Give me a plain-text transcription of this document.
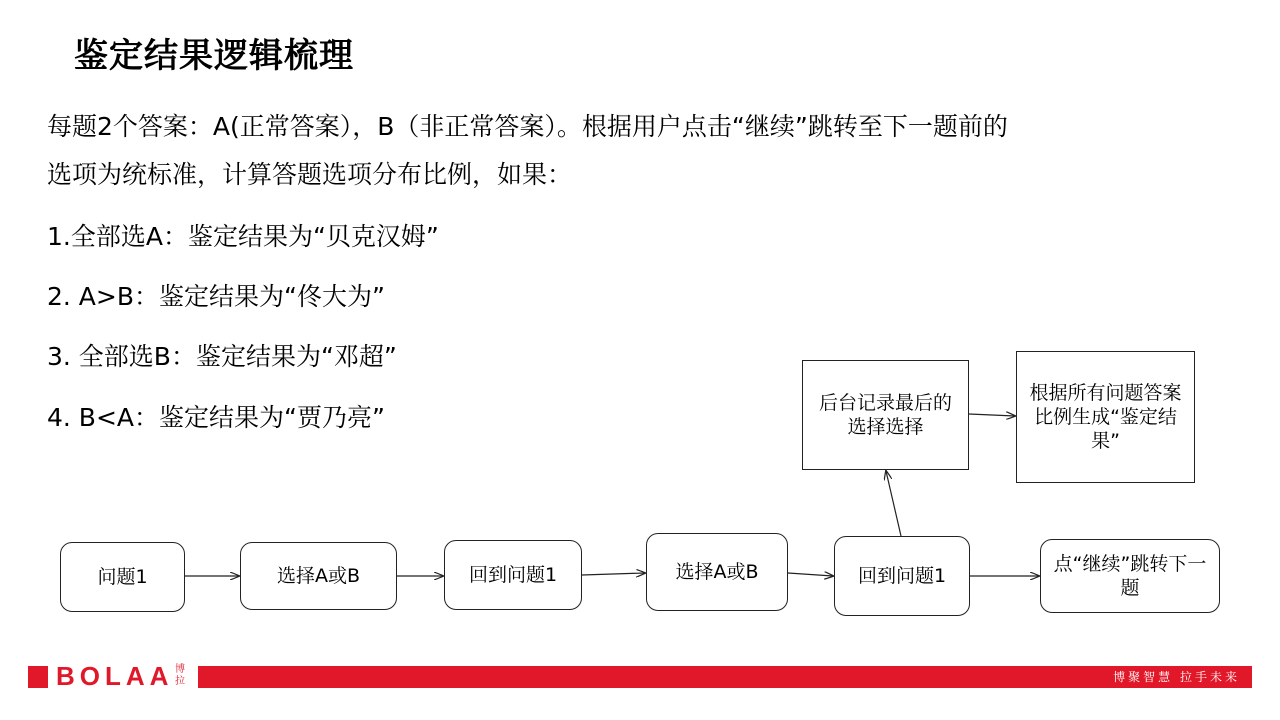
鉴定结果逻辑梳理
每题2个答案：A(正常答案），B（非正常答案）。根据用户点击“继续”跳转至下一题前的
选项为统标准，计算答题选项分布比例，如果：
1.全部选A：鉴定结果为“贝克汉姆”
2. A>B：鉴定结果为“佟大为”
3. 全部选B：鉴定结果为“邓超”
4. B<A：鉴定结果为“贾乃亮”
问题1	选择A或B	回到问题1	选择A或B	回到问题1
点“继续”跳转下一题
后台记录最后的选择选择
根据所有问题答案比例生成“鉴定结果”
BOLAA 博拉	博聚智慧 拉手未来
